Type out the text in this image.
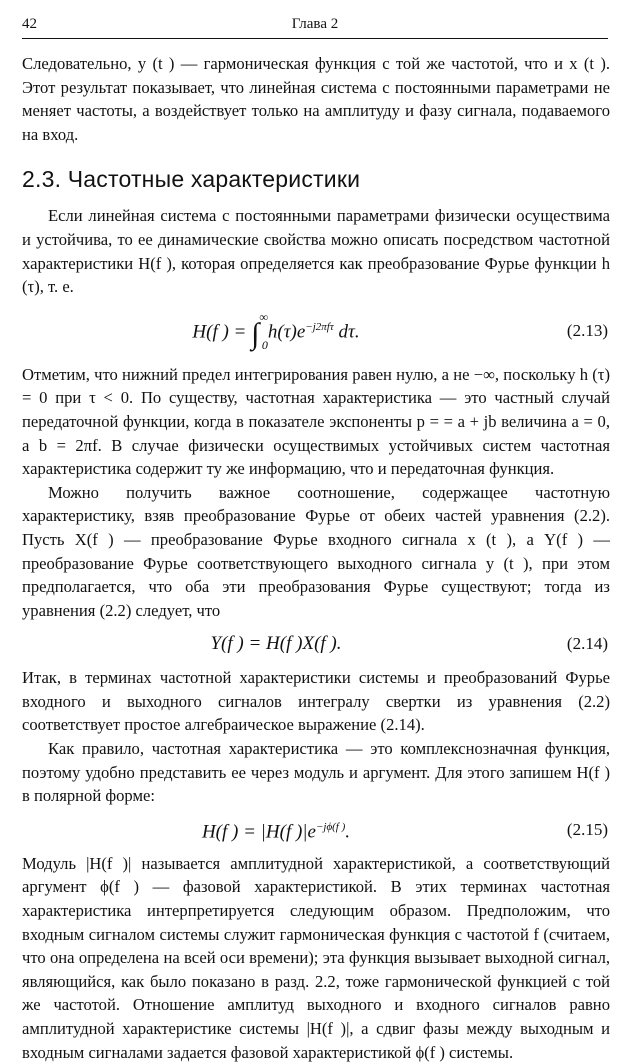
42	Глава 2

Следовательно, y (t ) — гармоническая функция с той же частотой, что и x (t ). Этот результат показывает, что линейная система с постоянными параметрами не меняет частоты, а воздействует только на амплитуду и фазу сигнала, подаваемого на вход.

2.3. Частотные характеристики

Если линейная система с постоянными параметрами физически осуществима и устойчива, то ее динамические свойства можно описать посредством частотной характеристики H(f ), которая определяется как преобразование Фурье функции h (τ), т. е.

H(f ) = $\int^\infty_0h(\tau)e^{-j2\pi f\tau}$ dτ.	(2.13)

Отметим, что нижний предел интегрирования равен нулю, а не −∞, поскольку h (τ) = 0 при τ < 0. По существу, частотная характеристика — это частный случай передаточной функции, когда в показателе экспоненты p = = a + jb величина a = 0, а b = 2πf. В случае физически осуществимых устойчивых систем частотная характеристика содержит ту же информацию, что и передаточная функция.

Можно получить важное соотношение, содержащее частотную характеристику, взяв преобразование Фурье от обеих частей уравнения (2.2). Пусть X(f ) — преобразование Фурье входного сигнала x (t ), а Y(f ) — преобразование Фурье соответствующего выходного сигнала y (t ), при этом предполагается, что оба эти преобразования Фурье существуют; тогда из уравнения (2.2) следует, что

Y(f ) = H(f )X(f ).	(2.14)

Итак, в терминах частотной характеристики системы и преобразований Фурье входного и выходного сигналов интегралу свертки из уравнения (2.2) соответствует простое алгебраическое выражение (2.14).

Как правило, частотная характеристика — это комплекснозначная функция, поэтому удобно представить ее через модуль и аргумент. Для этого запишем H(f ) в полярной форме:

H(f ) = |H(f )$|e^{-j\phi(f )}$.	(2.15)

Модуль |H(f )| называется амплитудной характеристикой, а соответствующий аргумент ϕ(f ) — фазовой характеристикой. В этих терминах частотная характеристика интерпретируется следующим образом. Предположим, что входным сигналом системы служит гармоническая функция с частотой f (считаем, что она определена на всей оси времени); эта функция вызывает выходной сигнал, являющийся, как было показано в разд. 2.2, тоже гармонической функцией с той же частотой. Отношение амплитуд выходного и входного сигналов равно амплитудной характеристике системы |H(f )|, а сдвиг фазы между выходным и входным сигналами задается фазовой характеристикой ϕ(f ) системы.
